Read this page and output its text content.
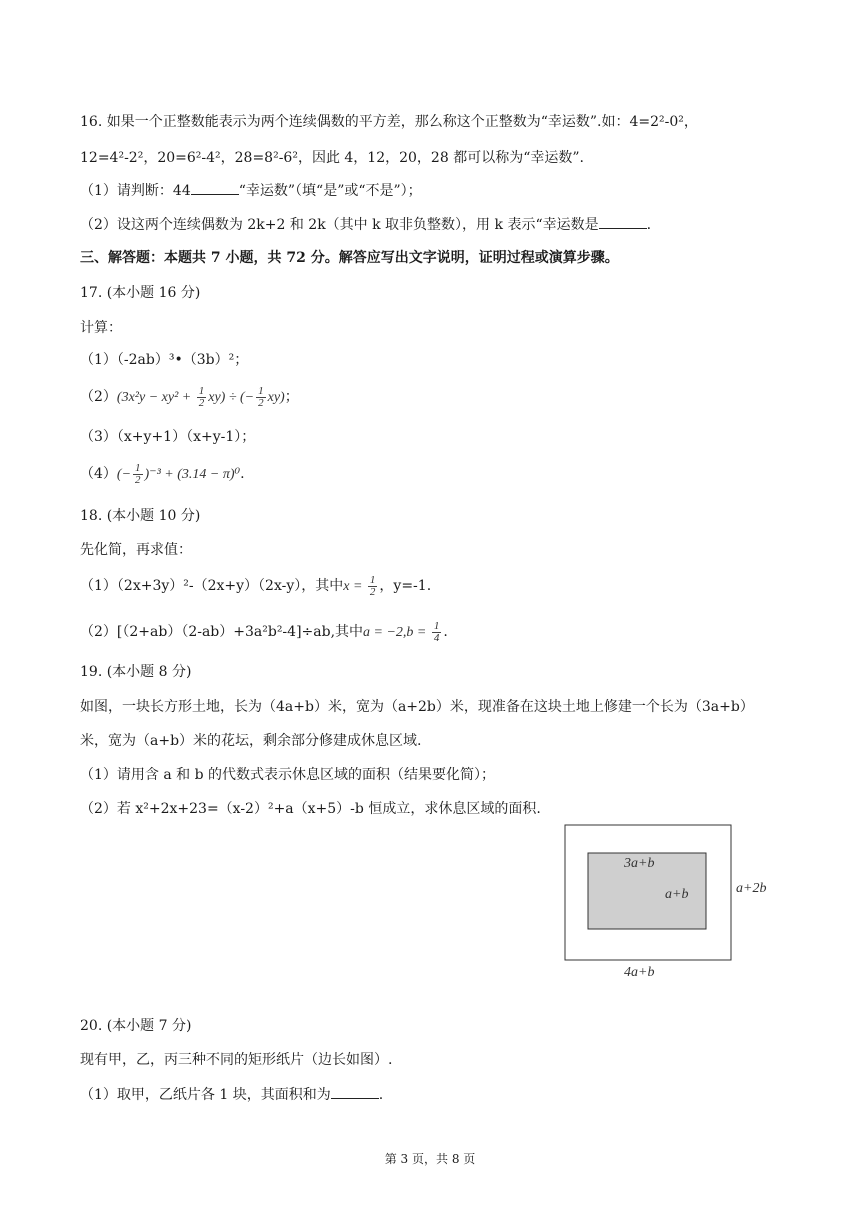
16. 如果一个正整数能表示为两个连续偶数的平方差，那么称这个正整数为“幸运数”.如：4=2²-0²，
12=4²-2²，20=6²-4²，28=8²-6²，因此 4，12，20，28 都可以称为“幸运数”.
（1）请判断：44	“幸运数”（填“是”或“不是”）；
（2）设这两个连续偶数为 2k+2 和 2k（其中 k 取非负整数），用 k 表示“幸运数是	.
三、解答题：本题共 7 小题，共 72 分。解答应写出文字说明，证明过程或演算步骤。
17. (本小题 16 分)
计算：
（1）（-2ab）³•（3b）²；
$(2)(3x^2y - xy^2 + \frac{1}{2} xy)$ ÷ (− $\frac{1}{2} xy$)；
（3）（x+y+1）（x+y-1）；
$(4)(- \frac{1}{2} )^{-3} + (3.14 - \pi)^0$.
18. (本小题 10 分)
先化简，再求值：
（1）（2x+3y）²-（2x+y）（2x-y），其中$x = \frac{1}{2}$ ，y=-1.
（2）[（2+ab）（2-ab）+3a²b²-4]÷ab,其中$a = -2,b = \frac{1}{4}$ .
19. (本小题 8 分)
如图，一块长方形土地，长为（4a+b）米，宽为（a+2b）米，现准备在这块土地上修建一个长为（3a+b）
米，宽为（a+b）米的花坛，剩余部分修建成休息区域.
（1）请用含 a 和 b 的代数式表示休息区域的面积（结果要化简）；
（2）若 x²+2x+23=（x-2）²+a（x+5）-b 恒成立，求休息区域的面积.
3a+b
a+b	a+2b
4a+b
20. (本小题 7 分)
现有甲，乙，丙三种不同的矩形纸片（边长如图）.
（1）取甲，乙纸片各 1 块，其面积和为	.
第 3 页，共 8 页
